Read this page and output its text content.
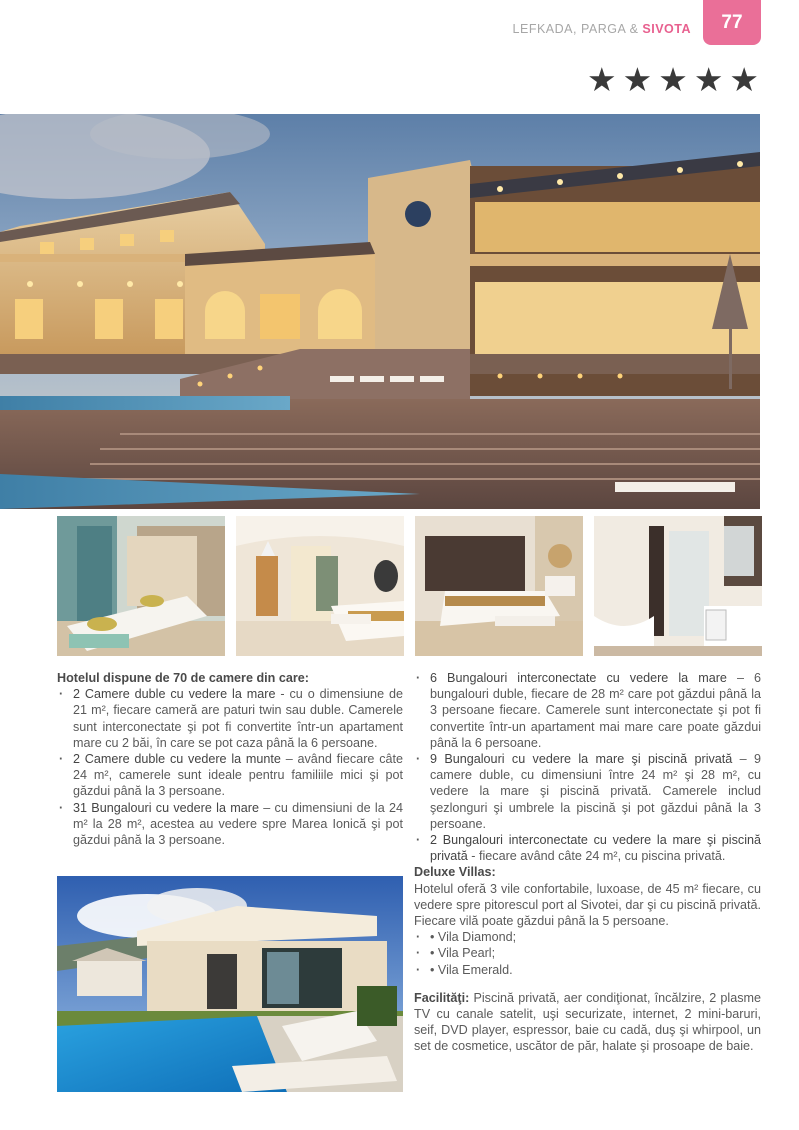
LEFKADA, PARGA & SIVOTA	77
★ ★ ★ ★ ★
Hotelul dispune de 70 de camere din care:
· 2 Camere duble cu vedere la mare - cu o dimensiune de 21 m², fiecare cameră are paturi twin sau duble. Camerele sunt interconectate şi pot fi convertite într-un apartament mare cu 2 băi, în care se pot caza până la 6 persoane.
· 2 Camere duble cu vedere la munte – având fiecare câte 24 m², camerele sunt ideale pentru familiile mici şi pot găzdui până la 3 persoane.
· 31 Bungalouri cu vedere la mare – cu dimensiuni de la 24 m² la 28 m², acestea au vedere spre Marea Ionică şi pot găzdui până la 3 persoane.
· 6 Bungalouri interconectate cu vedere la mare – 6 bungalouri duble, fiecare de 28 m² care pot găzdui până la 3 persoane fiecare. Camerele sunt interconectate şi pot fi convertite într-un apartament mai mare care poate găzdui până la 6 persoane.
· 9 Bungalouri cu vedere la mare şi piscină privată – 9 camere duble, cu dimensiuni între 24 m² şi 28 m², cu vedere la mare şi piscină privată. Camerele includ şezlonguri şi umbrele la piscină şi pot găzdui până la 3 persoane.
· 2 Bungalouri interconectate cu vedere la mare şi piscină privată - fiecare având câte 24 m², cu piscina privată.
Deluxe Villas:
Hotelul oferă 3 vile confortabile, luxoase, de 45 m² fiecare, cu vedere spre pitorescul port al Sivotei, dar şi cu piscină privată. Fiecare vilă poate găzdui până la 5 persoane.
· • Vila Diamond;
· • Vila Pearl;
· • Vila Emerald.
Facilităţi: Piscină privată, aer condiţionat, încălzire, 2 plasme TV cu canale satelit, uşi securizate, internet, 2 mini-baruri, seif, DVD player, espressor, baie cu cadă, duş şi whirpool, un set de cosmetice, uscător de păr, halate şi prosoape de baie.
